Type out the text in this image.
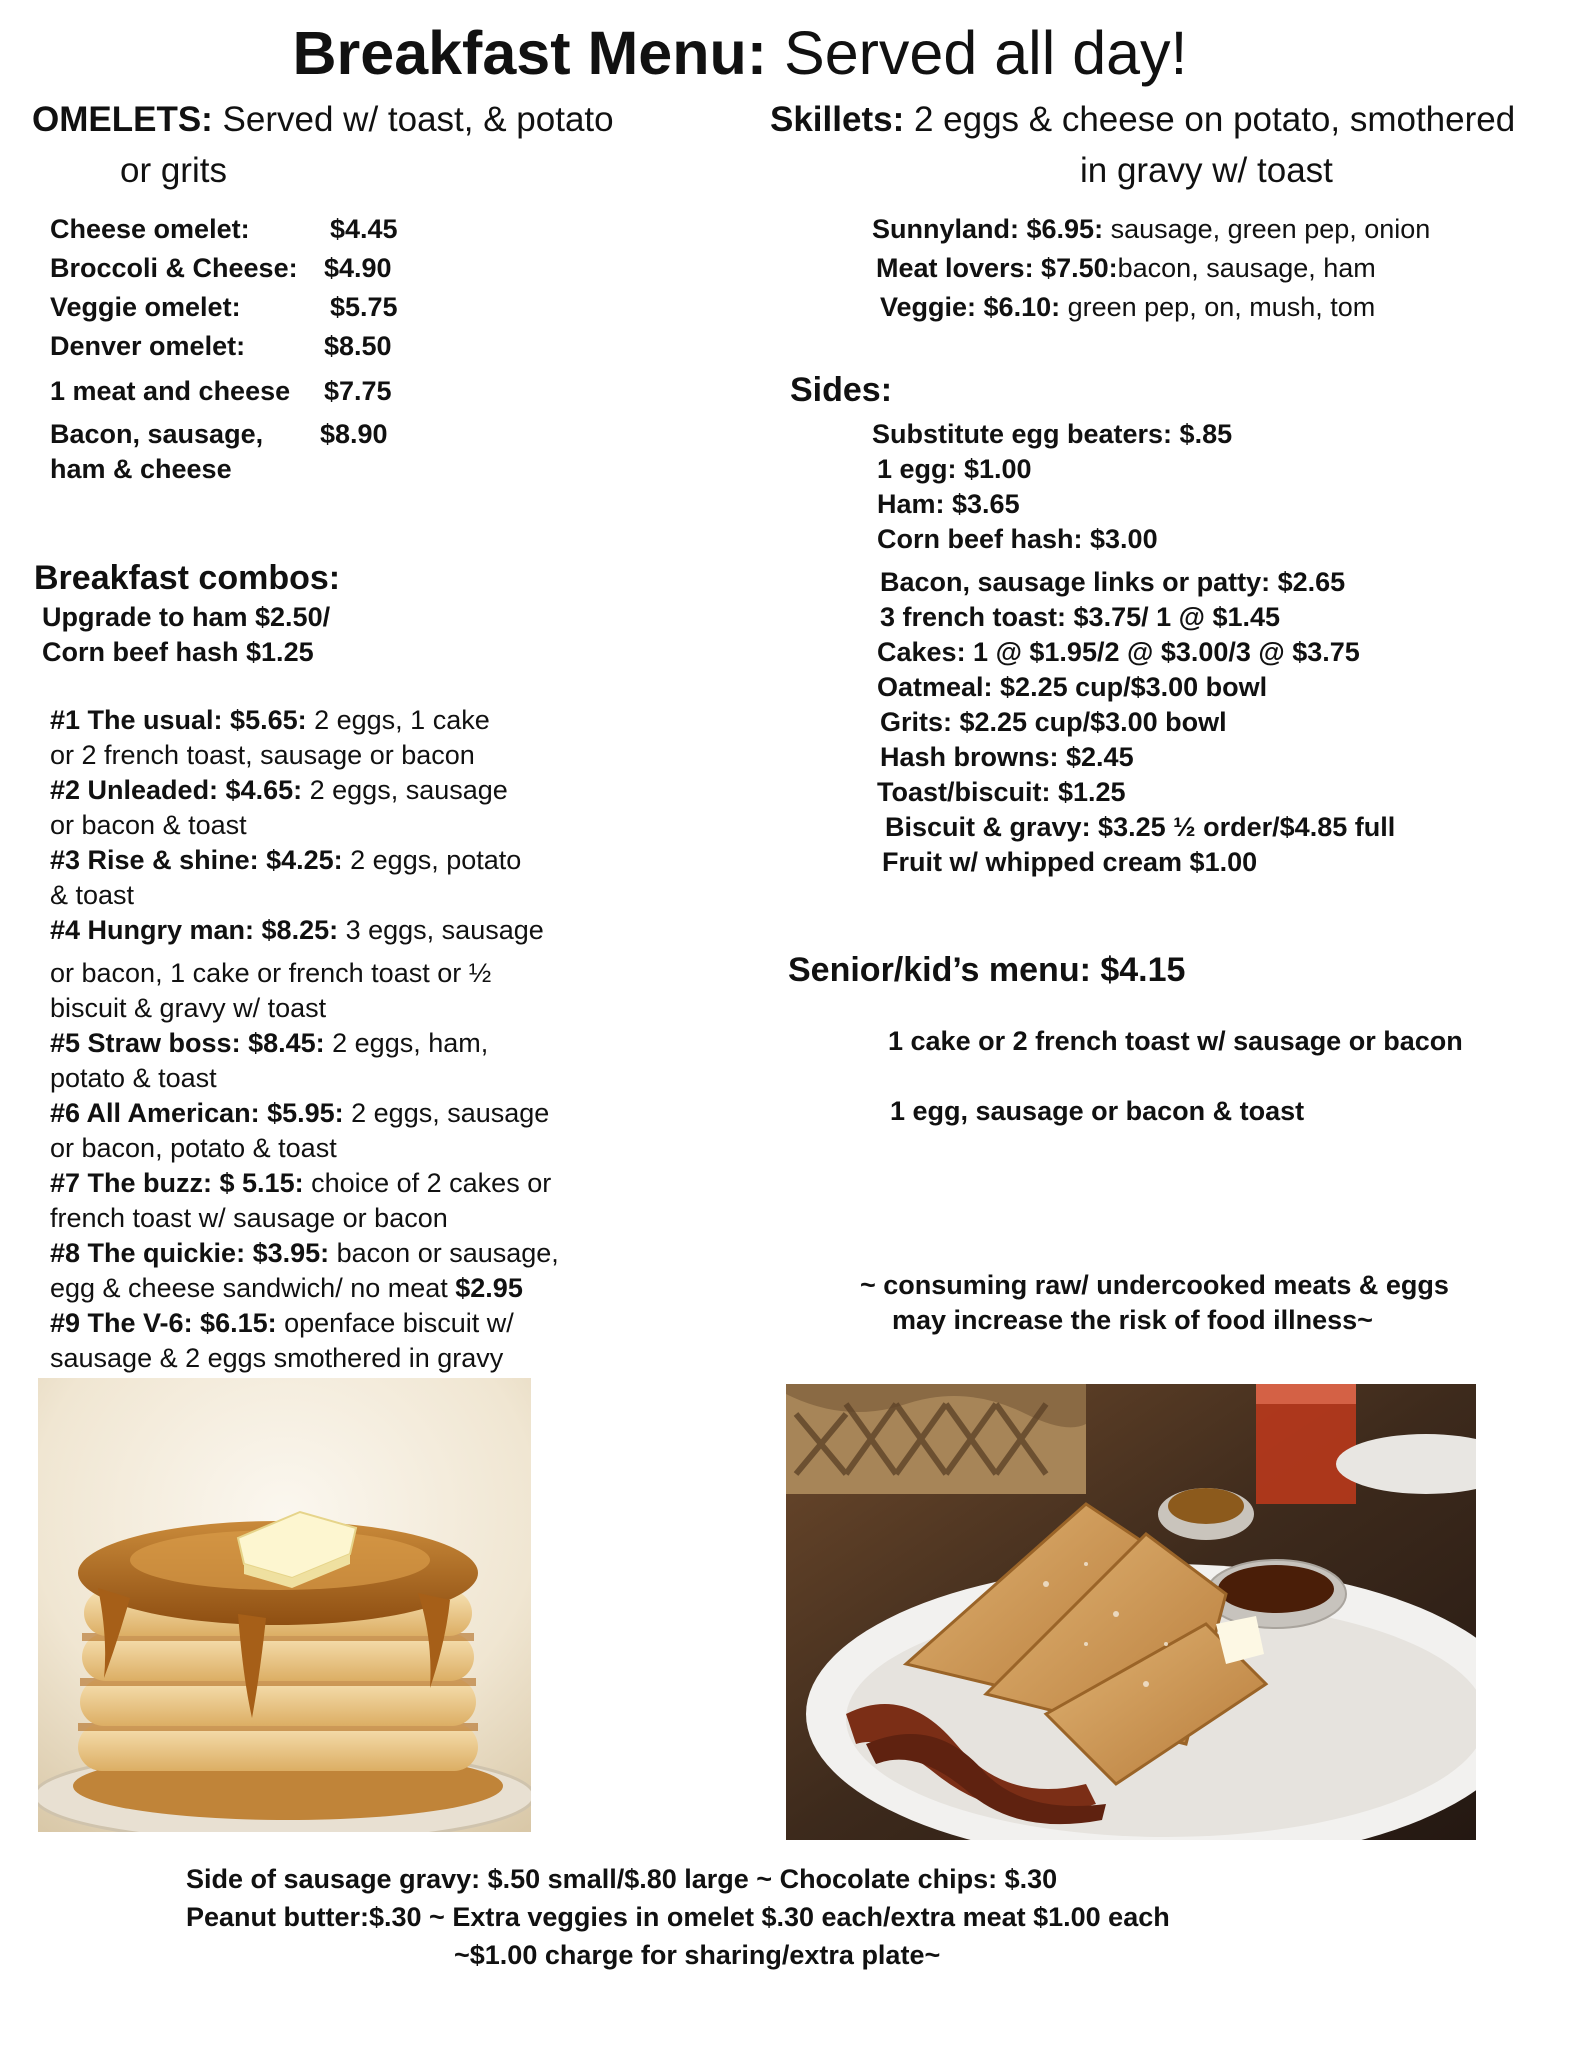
Breakfast Menu: Served all day!
OMELETS: Served w/ toast, & potato
or grits
Cheese omelet:	$4.45
Broccoli & Cheese: $4.90
Veggie omelet:	$5.75
Denver omelet:	$8.50
1 meat and cheese $7.75
Bacon, sausage, $8.90
ham & cheese
Skillets: 2 eggs & cheese on potato, smothered
in gravy w/ toast
Sunnyland: $6.95: sausage, green pep, onion
Meat lovers: $7.50:bacon, sausage, ham
Veggie: $6.10: green pep, on, mush, tom
Sides:
Substitute egg beaters: $.85
1 egg: $1.00
Ham: $3.65
Corn beef hash: $3.00
Bacon, sausage links or patty: $2.65
3 french toast: $3.75/ 1 @ $1.45
Cakes: 1 @ $1.95/2 @ $3.00/3 @ $3.75
Oatmeal: $2.25 cup/$3.00 bowl
Grits: $2.25 cup/$3.00 bowl
Hash browns: $2.45
Toast/biscuit: $1.25
Biscuit & gravy: $3.25 ½ order/$4.85 full
Fruit w/ whipped cream $1.00
Breakfast combos:
Upgrade to ham $2.50/
Corn beef hash $1.25
#1 The usual: $5.65: 2 eggs, 1 cake
or 2 french toast, sausage or bacon
#2 Unleaded: $4.65: 2 eggs, sausage
or bacon & toast
#3 Rise & shine: $4.25: 2 eggs, potato
& toast
#4 Hungry man: $8.25: 3 eggs, sausage
or bacon, 1 cake or french toast or ½
biscuit & gravy w/ toast
#5 Straw boss: $8.45: 2 eggs, ham,
potato & toast
#6 All American: $5.95: 2 eggs, sausage
or bacon, potato & toast
#7 The buzz: $ 5.15: choice of 2 cakes or
french toast w/ sausage or bacon
#8 The quickie: $3.95: bacon or sausage,
egg & cheese sandwich/ no meat $2.95
#9 The V-6: $6.15: openface biscuit w/
sausage & 2 eggs smothered in gravy
Senior/kid’s menu: $4.15
1 cake or 2 french toast w/ sausage or bacon
1 egg, sausage or bacon & toast
~ consuming raw/ undercooked meats & eggs
may increase the risk of food illness~
Side of sausage gravy: $.50 small/$.80 large ~ Chocolate chips: $.30
Peanut butter:$.30 ~ Extra veggies in omelet $.30 each/extra meat $1.00 each
~$1.00 charge for sharing/extra plate~
